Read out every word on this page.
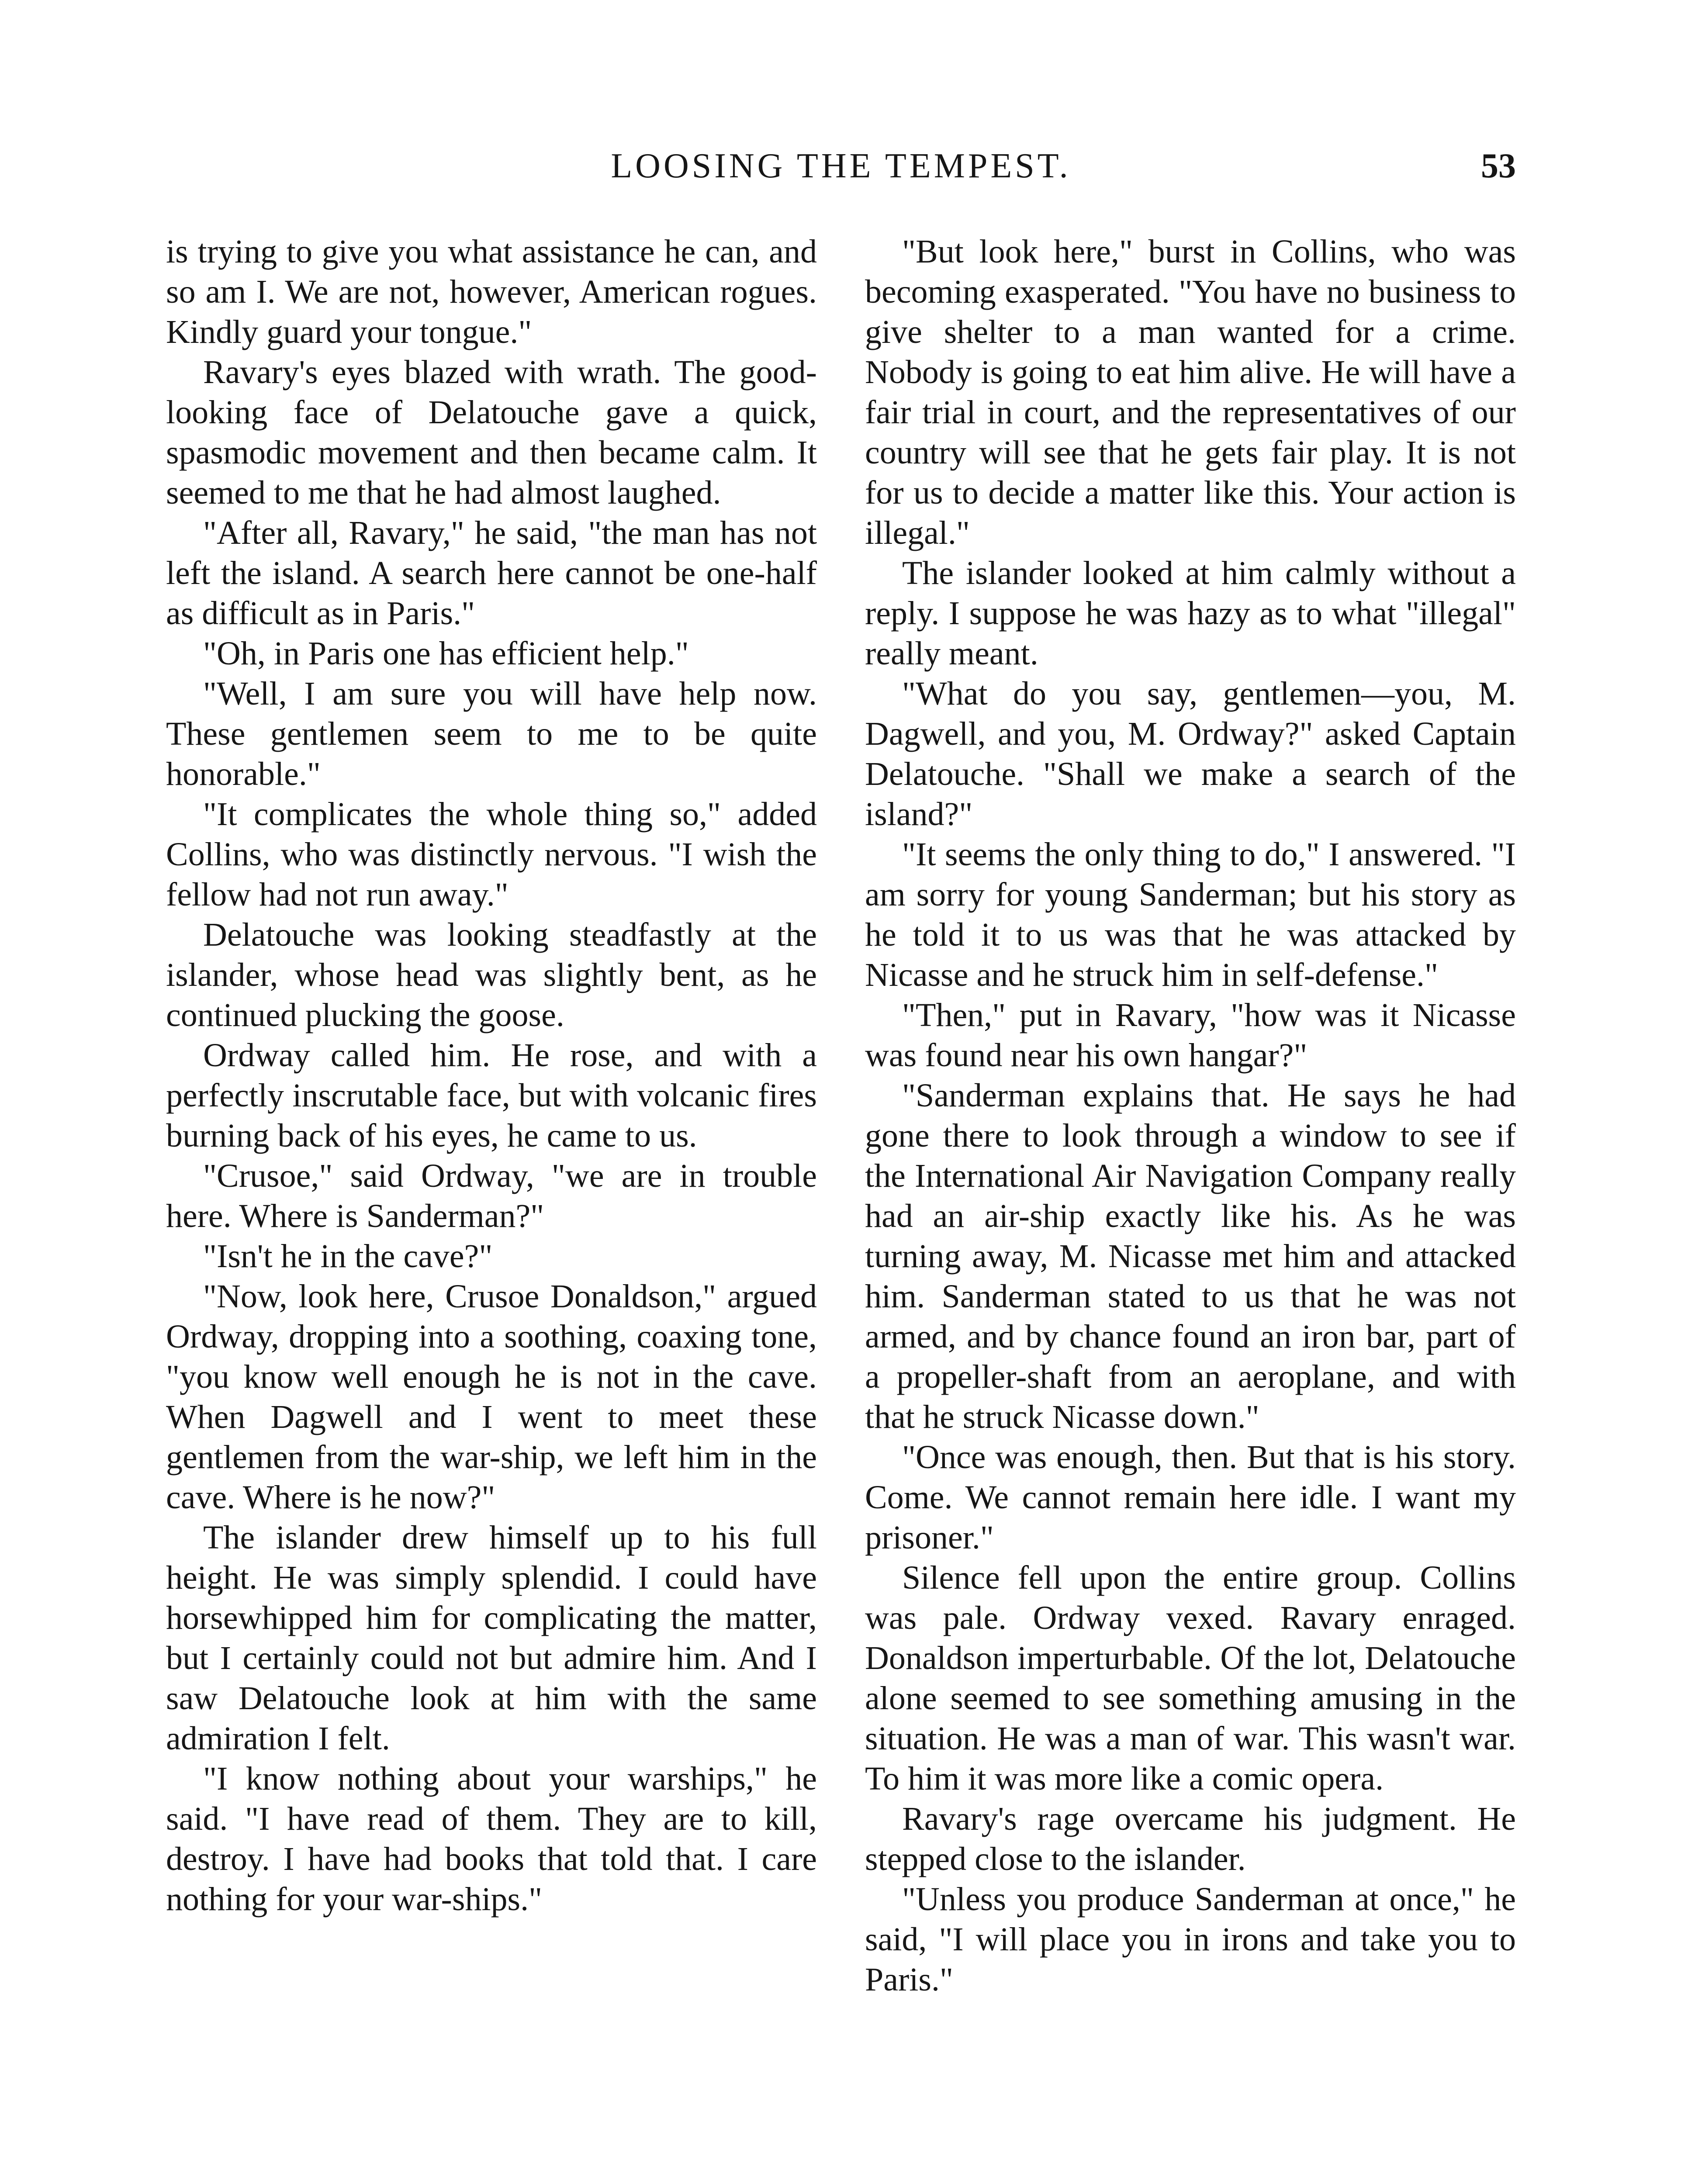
LOOSING THE TEMPEST.	53

is trying to give you what assistance he can, and so am I. We are not, however, American rogues. Kindly guard your tongue."

Ravary's eyes blazed with wrath. The good-looking face of Delatouche gave a quick, spasmodic movement and then became calm. It seemed to me that he had almost laughed.

"After all, Ravary," he said, "the man has not left the island. A search here cannot be one-half as difficult as in Paris."

"Oh, in Paris one has efficient help."

"Well, I am sure you will have help now. These gentlemen seem to me to be quite honorable."

"It complicates the whole thing so," added Collins, who was distinctly nervous. "I wish the fellow had not run away."

Delatouche was looking steadfastly at the islander, whose head was slightly bent, as he continued plucking the goose.

Ordway called him. He rose, and with a perfectly inscrutable face, but with volcanic fires burning back of his eyes, he came to us.

"Crusoe," said Ordway, "we are in trouble here. Where is Sanderman?"

"Isn't he in the cave?"

"Now, look here, Crusoe Donaldson," argued Ordway, dropping into a soothing, coaxing tone, "you know well enough he is not in the cave. When Dagwell and I went to meet these gentlemen from the war-ship, we left him in the cave. Where is he now?"

The islander drew himself up to his full height. He was simply splendid. I could have horsewhipped him for complicating the matter, but I certainly could not but admire him. And I saw Delatouche look at him with the same admiration I felt.

"I know nothing about your warships," he said. "I have read of them. They are to kill, destroy. I have had books that told that. I care nothing for your war-ships."

"But look here," burst in Collins, who was becoming exasperated. "You have no business to give shelter to a man wanted for a crime. Nobody is going to eat him alive. He will have a fair trial in court, and the representatives of our country will see that he gets fair play. It is not for us to decide a matter like this. Your action is illegal."

The islander looked at him calmly without a reply. I suppose he was hazy as to what "illegal" really meant.

"What do you say, gentlemen—you, M. Dagwell, and you, M. Ordway?" asked Captain Delatouche. "Shall we make a search of the island?"

"It seems the only thing to do," I answered. "I am sorry for young Sanderman; but his story as he told it to us was that he was attacked by Nicasse and he struck him in self-defense."

"Then," put in Ravary, "how was it Nicasse was found near his own hangar?"

"Sanderman explains that. He says he had gone there to look through a window to see if the International Air Navigation Company really had an air-ship exactly like his. As he was turning away, M. Nicasse met him and attacked him. Sanderman stated to us that he was not armed, and by chance found an iron bar, part of a propeller-shaft from an aeroplane, and with that he struck Nicasse down."

"Once was enough, then. But that is his story. Come. We cannot remain here idle. I want my prisoner."

Silence fell upon the entire group. Collins was pale. Ordway vexed. Ravary enraged. Donaldson imperturbable. Of the lot, Delatouche alone seemed to see something amusing in the situation. He was a man of war. This wasn't war. To him it was more like a comic opera.

Ravary's rage overcame his judgment. He stepped close to the islander.

"Unless you produce Sanderman at once," he said, "I will place you in irons and take you to Paris."
